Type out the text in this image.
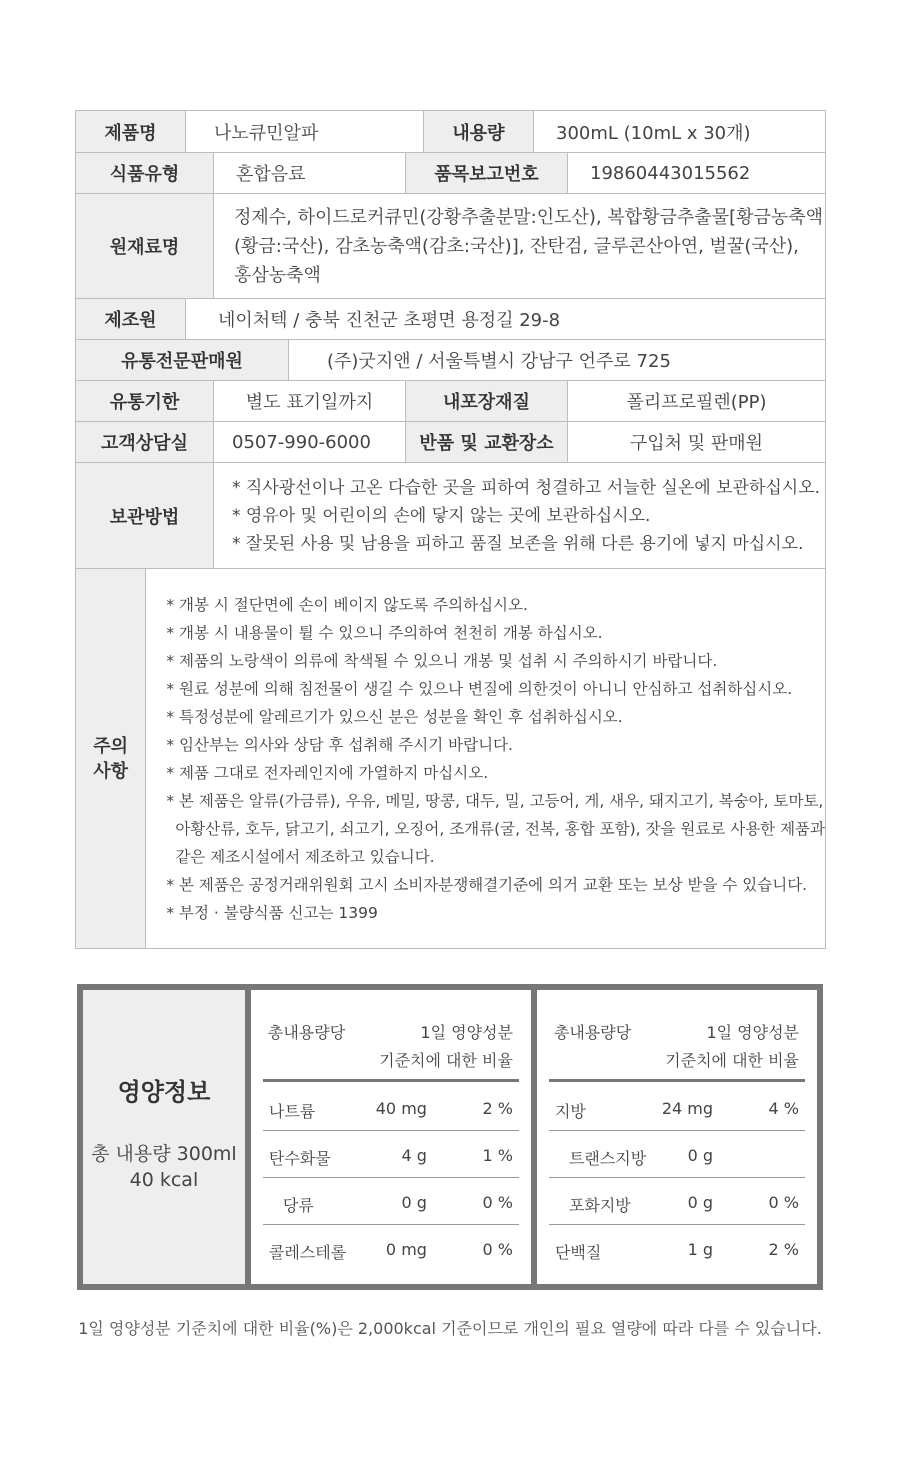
제품명	나노큐민알파	내용량	300mL (10mL x 30개)
식품유형	혼합음료	품목보고번호	19860443015562
원재료명
정제수, 하이드로커큐민(강황추출분말:인도산), 복합황금추출물[황금농축액
(황금:국산), 감초농축액(감초:국산)], 잔탄검, 글루콘산아연, 벌꿀(국산),
홍삼농축액
제조원	네이처텍 / 충북 진천군 초평면 용정길 29-8
유통전문판매원	(주)굿지앤 / 서울특별시 강남구 언주로 725
유통기한	별도 표기일까지	내포장재질	폴리프로필렌(PP)
고객상담실	0507-990-6000	반품 및 교환장소	구입처 및 판매원
보관방법
* 직사광선이나 고온 다습한 곳을 피하여 청결하고 서늘한 실온에 보관하십시오.
* 영유아 및 어린이의 손에 닿지 않는 곳에 보관하십시오.
* 잘못된 사용 및 남용을 피하고 품질 보존을 위해 다른 용기에 넣지 마십시오.
주의
사항
* 개봉 시 절단면에 손이 베이지 않도록 주의하십시오.
* 개봉 시 내용물이 튈 수 있으니 주의하여 천천히 개봉 하십시오.
* 제품의 노랑색이 의류에 착색될 수 있으니 개봉 및 섭취 시 주의하시기 바랍니다.
* 원료 성분에 의해 침전물이 생길 수 있으나 변질에 의한것이 아니니 안심하고 섭취하십시오.
* 특정성분에 알레르기가 있으신 분은 성분을 확인 후 섭취하십시오.
* 임산부는 의사와 상담 후 섭취해 주시기 바랍니다.
* 제품 그대로 전자레인지에 가열하지 마십시오.
* 본 제품은 알류(가금류), 우유, 메밀, 땅콩, 대두, 밀, 고등어, 게, 새우, 돼지고기, 복숭아, 토마토,
아황산류, 호두, 닭고기, 쇠고기, 오징어, 조개류(굴, 전복, 홍합 포함), 잣을 원료로 사용한 제품과
같은 제조시설에서 제조하고 있습니다.
* 본 제품은 공정거래위원회 고시 소비자분쟁해결기준에 의거 교환 또는 보상 받을 수 있습니다.
* 부정 · 불량식품 신고는 1399
영양정보
총 내용량 300ml
40 kcal
총내용량당	1일 영양성분
기준치에 대한 비율
나트륨	40 mg	2 %
탄수화물	4 g	1 %
당류	0 g	0 %
콜레스테롤 0 mg	0 %
총내용량당	1일 영양성분
기준치에 대한 비율
지방	24 mg	4 %
트랜스지방	0 g
포화지방	0 g	0 %
단백질	1 g	2 %
1일 영양성분 기준치에 대한 비율(%)은 2,000kcal 기준이므로 개인의 필요 열량에 따라 다를 수 있습니다.
